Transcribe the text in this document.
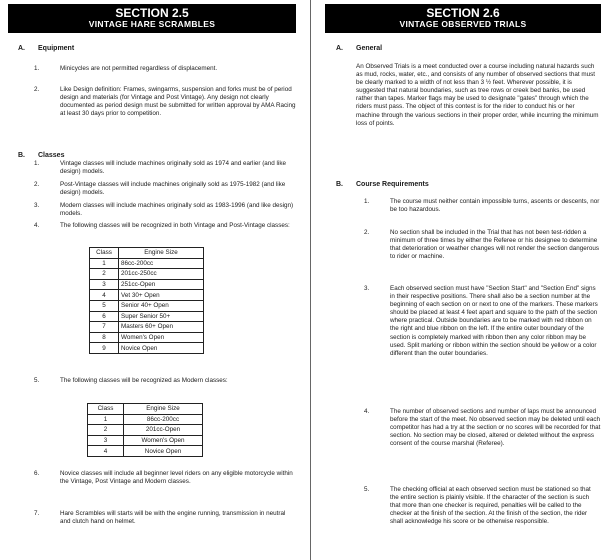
SECTION 2.5
VINTAGE HARE SCRAMBLES
A. Equipment
1.	Minicycles are not permitted regardless of displacement.
2.	Like Design definition: Frames, swingarms, suspension and forks must be of period design and materials (for Vintage and Post Vintage). Any design not clearly documented as period design must be submitted for written approval by AMA Racing at least 30 days prior to competition.
B. Classes
1.	Vintage classes will include machines originally sold as 1974 and earlier (and like design) models.
2.	Post-Vintage classes will include machines originally sold as 1975-1982 (and like design) models.
3.	Modern classes will include machines originally sold as 1983-1996 (and like design) models.
4.	The following classes will be recognized in both Vintage and Post-Vintage classes:
Class	Engine Size
1	86cc-200cc
2	201cc-250cc
3	251cc-Open
4	Vet 30+ Open
5	Senior 40+ Open
6	Super Senior 50+
7	Masters 60+ Open
8	Women's Open
9	Novice Open
5.	The following classes will be recognized as Modern classes:
Class	Engine Size
1	86cc-200cc
2	201cc-Open
3	Women's Open
4	Novice Open
6.	Novice classes will include all beginner level riders on any eligible motorcycle within the Vintage, Post Vintage and Modern classes.
7.	Hare Scrambles will starts will be with the engine running, transmission in neutral and clutch hand on helmet.
SECTION 2.6
VINTAGE OBSERVED TRIALS
A. General
An Observed Trials is a meet conducted over a course including natural hazards such as mud, rocks, water, etc., and consists of any number of observed sections that must be clearly marked to a width of not less than 3 ½ feet. Wherever possible, it is suggested that natural boundaries, such as tree rows or creek bed banks, be used rather than tapes. Marker flags may be used to designate "gates" through which the riders must pass. The object of this contest is for the rider to conduct his or her machine through the various sections in their proper order, while incurring the minimum loss of points.
B. Course Requirements
1.	The course must neither contain impossible turns, ascents or descents, nor be too hazardous.
2.	No section shall be included in the Trial that has not been test-ridden a minimum of three times by either the Referee or his designee to determine that deterioration or weather changes will not render the section dangerous to rider or machine.
3.	Each observed section must have "Section Start" and "Section End" signs in their respective positions. There shall also be a section number at the beginning of each section on or next to one of the markers. These markers should be placed at least 4 feet apart and square to the path of the section where practical. Outside boundaries are to be marked with red ribbon on the right and blue ribbon on the left. If the entire outer boundary of the section is completely marked with ribbon then any color ribbon may be used. Split marking or ribbon within the section should be yellow or a color different than the outer boundaries.
4.	The number of observed sections and number of laps must be announced before the start of the meet. No observed section may be deleted until each competitor has had a try at the section or no scores will be recorded for that section. No section may be closed, altered or deleted without the express consent of the course marshal (Referee).
5.	The checking official at each observed section must be stationed so that the entire section is plainly visible. If the character of the section is such that more than one checker is required, penalties will be called to the checker at the finish of the section. At the finish of the section, the rider shall acknowledge his score or be otherwise responsible.
